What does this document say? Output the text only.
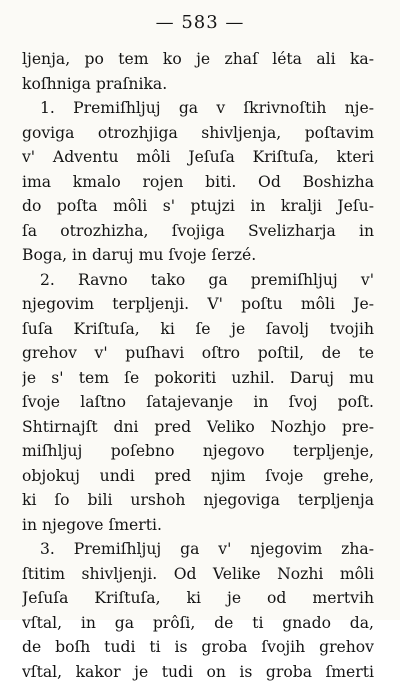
— 583 —
ljenja, po tem ko je zhaſ léta ali ka-
koſhniga praſnika.
1. Premiſhljuj ga v ſkrivnoſtih nje-
goviga otrozhjiga shivljenja, poſtavim
v' Adventu môli Jeſuſa Kriſtuſa, kteri
ima kmalo rojen biti. Od Boshizha
do poſta môli s' ptujzi in kralji Jeſu-
ſa otrozhizha, ſvojiga Svelizharja in
Boga, in daruj mu ſvoje ſerzé.
2. Ravno tako ga premiſhljuj v'
njegovim terpljenji. V' poſtu môli Je-
ſuſa Kriſtuſa, ki ſe je ſavolj tvojih
grehov v' puſhavi oſtro poſtil, de te
je s' tem ſe pokoriti uzhil. Daruj mu
ſvoje laſtno ſatajevanje in ſvoj poſt.
Shtirnajſt dni pred Veliko Nozhjo pre-
miſhljuj poſebno njegovo terpljenje,
objokuj undi pred njim ſvoje grehe,
ki ſo bili urshoh njegoviga terpljenja
in njegove ſmerti.
3. Premiſhljuj ga v' njegovim zha-
ſtitim shivljenji. Od Velike Nozhi môli
Jeſuſa Kriſtuſa, ki je od mertvih
vſtal, in ga prôſi, de ti gnado da,
de boſh tudi ti is groba ſvojih grehov
vſtal, kakor je tudi on is groba ſmerti
